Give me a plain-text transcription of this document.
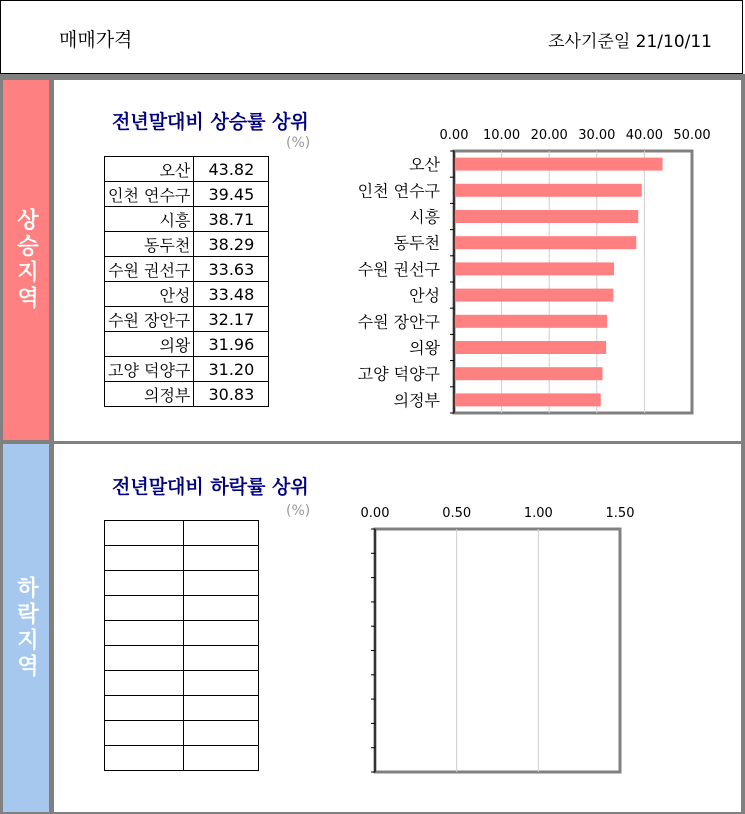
매매가격	조사기준일 21/10/11
상승지역
하락지역
전년말대비 상승률 상위
(%)
오산	43.82
인천 연수구	39.45
시흥	38.71
동두천	38.29
수원 권선구	33.63
안성	33.48
수원 장안구	32.17
의왕	31.96
고양 덕양구	31.20
의정부	30.83
전년말대비 하락률 상위
(%)

0.00 10.00 20.00 30.00 40.00 50.00
오산
인천 연수구
시흥
동두천
수원 권선구
안성
수원 장안구
의왕
고양 덕양구
의정부
0.00	0.50	1.00	1.50
